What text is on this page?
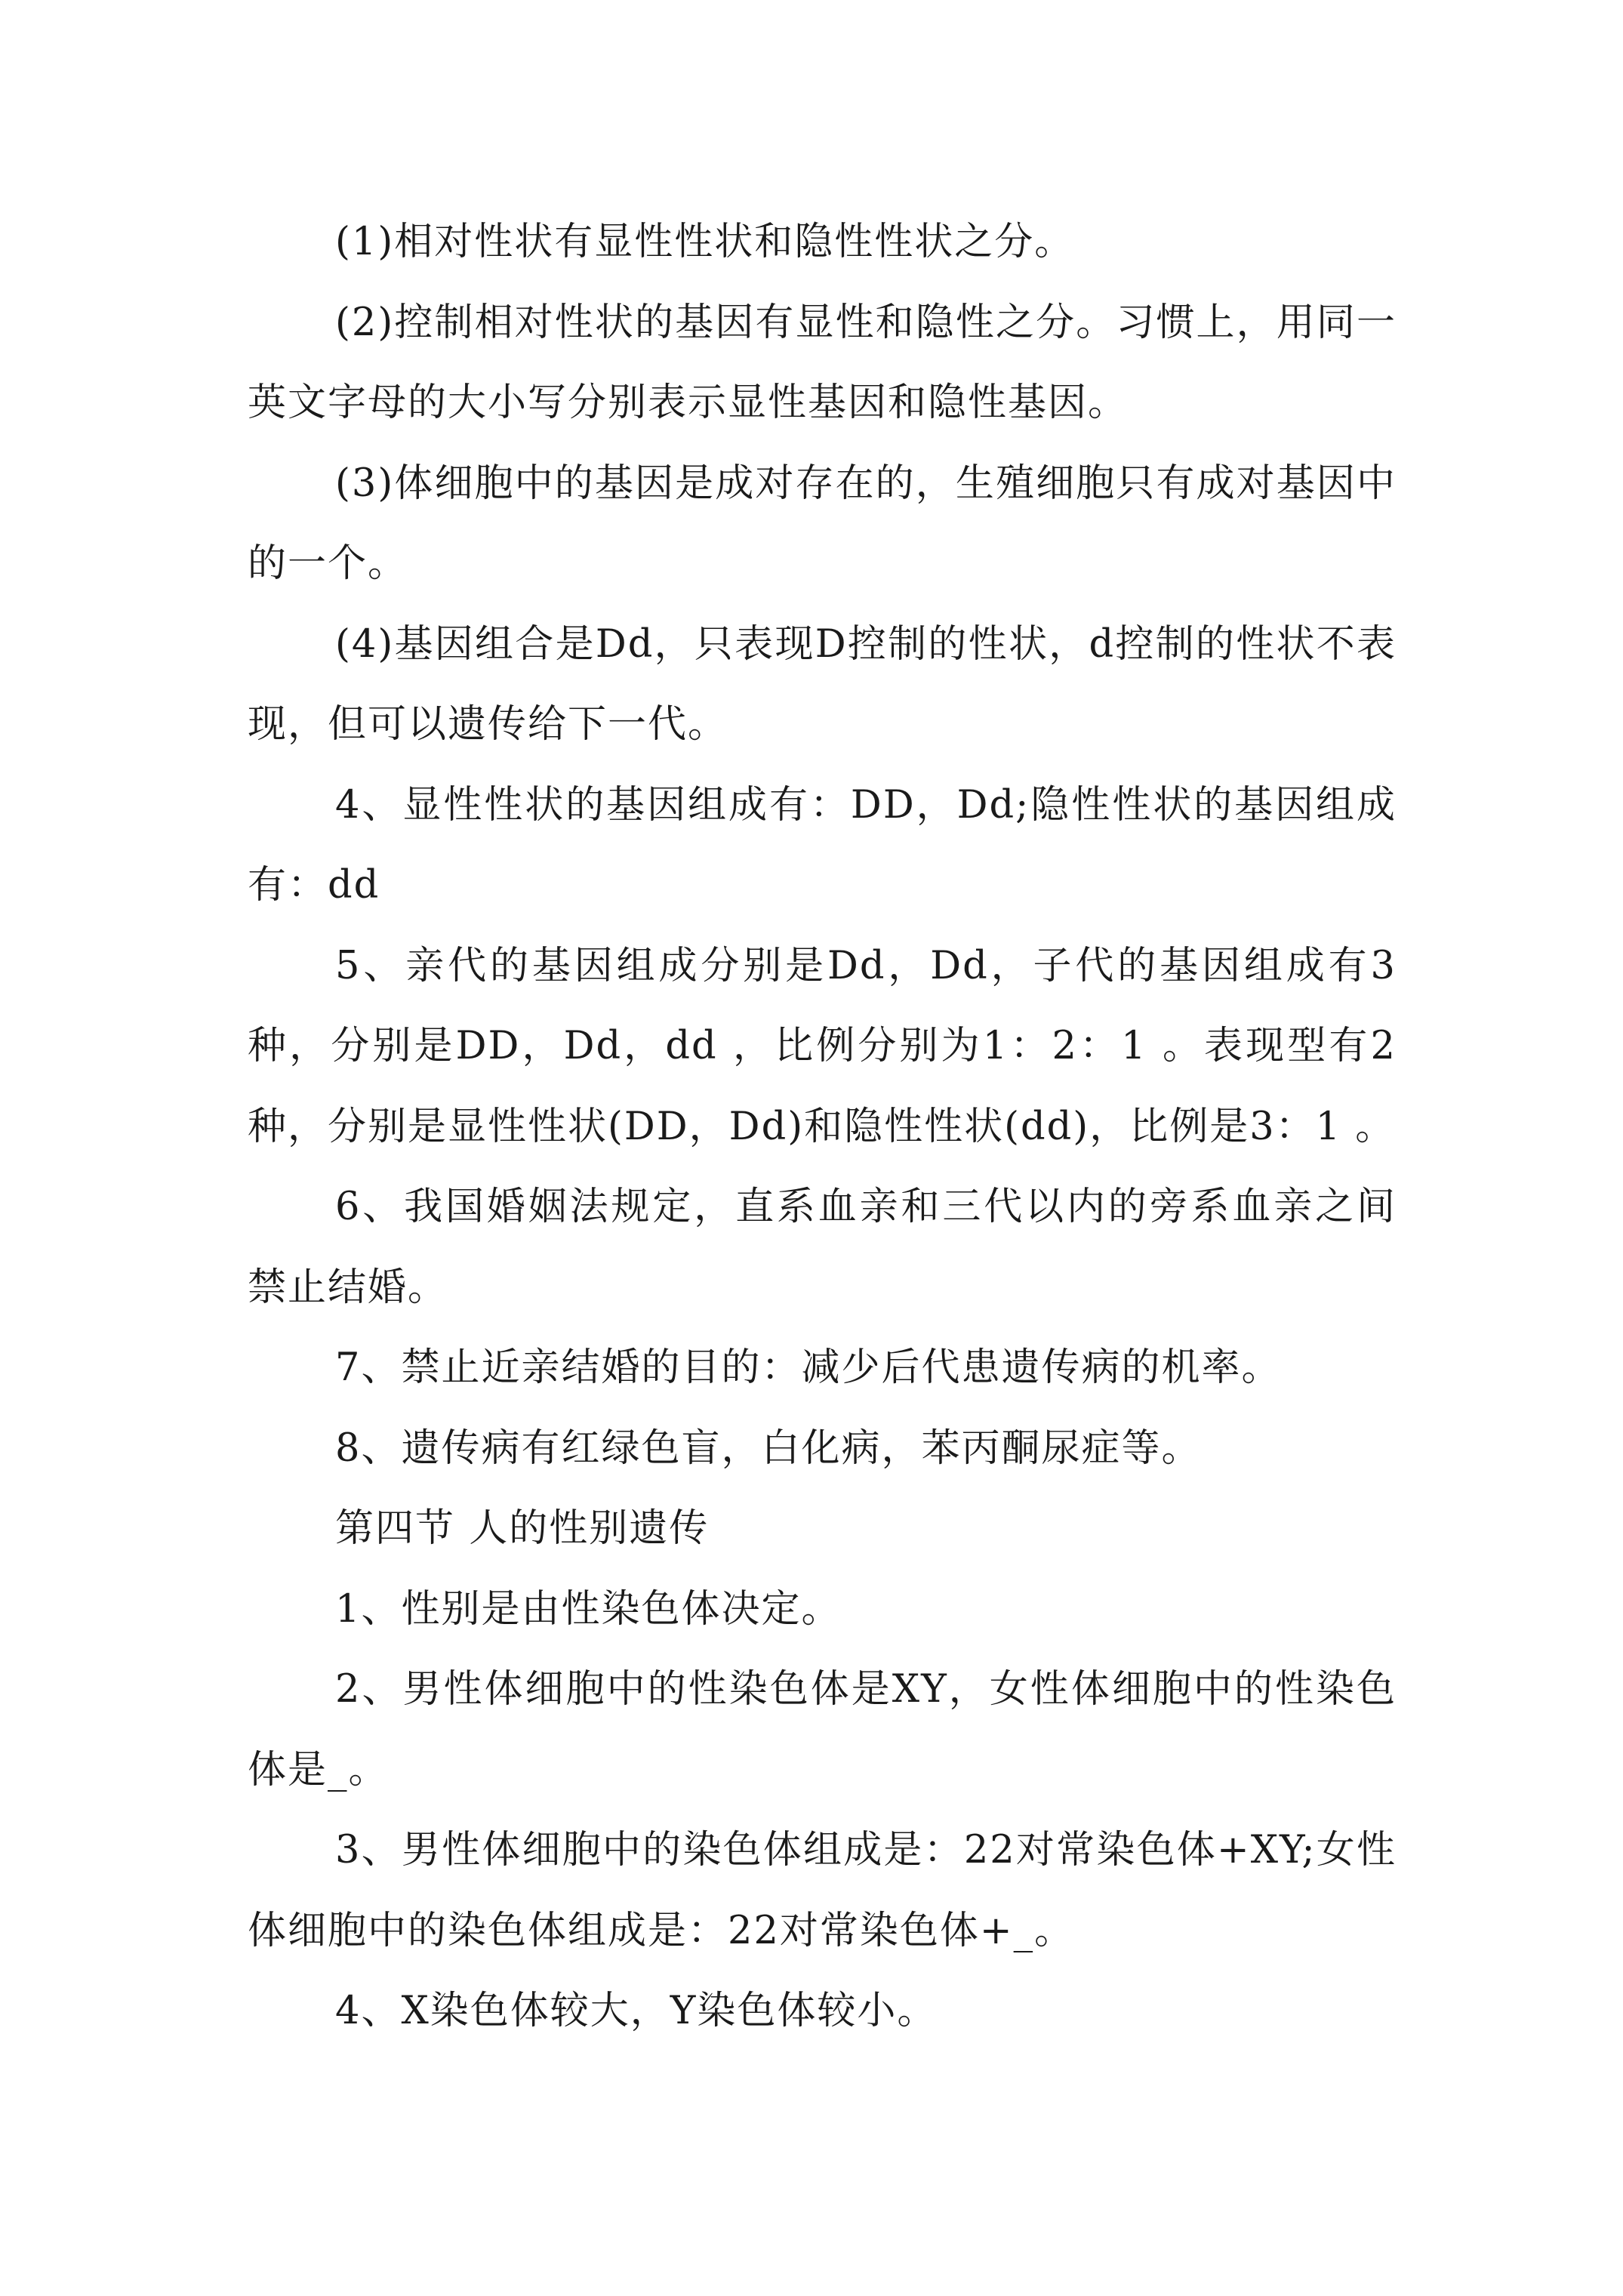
(1)相对性状有显性性状和隐性性状之分。

(2)控制相对性状的基因有显性和隐性之分。习惯上，用同一英文字母的大小写分别表示显性基因和隐性基因。

(3)体细胞中的基因是成对存在的，生殖细胞只有成对基因中的一个。

(4)基因组合是Dd，只表现D控制的性状，d控制的性状不表现，但可以遗传给下一代。

4、显性性状的基因组成有：DD，Dd;隐性性状的基因组成有：dd

5、亲代的基因组成分别是Dd，Dd，子代的基因组成有3种，分别是DD，Dd，dd ，比例分别为1：2：1 。表现型有2种，分别是显性性状(DD，Dd)和隐性性状(dd)，比例是3：1 。

6、我国婚姻法规定，直系血亲和三代以内的旁系血亲之间禁止结婚。

7、禁止近亲结婚的目的：减少后代患遗传病的机率。

8、遗传病有红绿色盲，白化病，苯丙酮尿症等。

第四节 人的性别遗传

1、性别是由性染色体决定。

2、男性体细胞中的性染色体是XY，女性体细胞中的性染色体是_。

3、男性体细胞中的染色体组成是：22对常染色体+XY;女性体细胞中的染色体组成是：22对常染色体+_。

4、X染色体较大，Y染色体较小。
